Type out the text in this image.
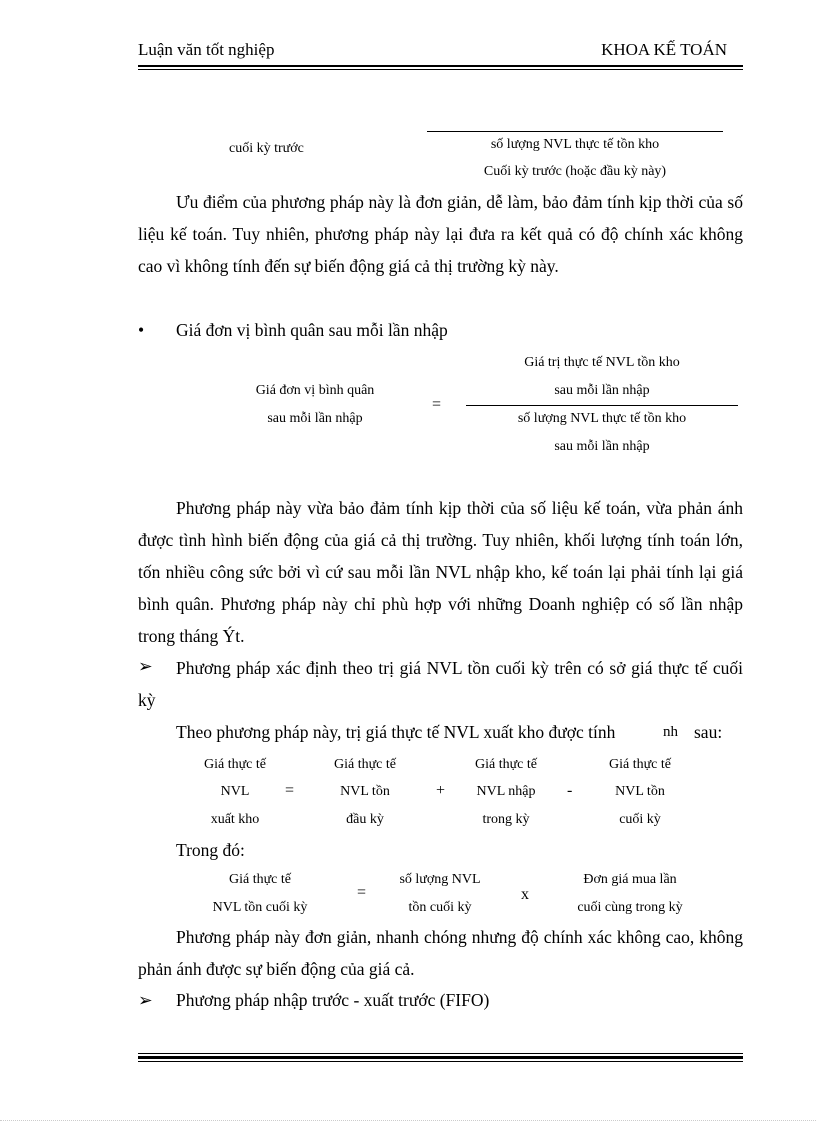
Luận văn tốt nghiệp	KHOA KẾ TOÁN
cuối kỳ trước	số lượng NVL thực tế tồn kho
Cuối kỳ trước (hoặc đầu kỳ này)
Ưu điểm của phương pháp này là đơn giản, dễ làm, bảo đảm tính kịp thời của số liệu kế toán. Tuy nhiên, phương pháp này lại đưa ra kết quả có độ chính xác không cao vì không tính đến sự biến động giá cả thị trường kỳ này.
• Giá đơn vị bình quân sau mỗi lần nhập
Giá đơn vị bình quân
sau mỗi lần nhập
=
Giá trị thực tế NVL tồn kho
sau mỗi lần nhập
số lượng NVL thực tế tồn kho
sau mỗi lần nhập
Phương pháp này vừa bảo đảm tính kịp thời của số liệu kế toán, vừa phản ánh được tình hình biến động của giá cả thị trường. Tuy nhiên, khối lượng tính toán lớn, tốn nhiều công sức bởi vì cứ sau mỗi lần NVL nhập kho, kế toán lại phải tính lại giá bình quân. Phương pháp này chỉ phù hợp với những Doanh nghiệp có số lần nhập trong tháng Ýt.
➢	Phương pháp xác định theo trị giá NVL tồn cuối kỳ trên có sở giá thực tế cuối kỳ
Theo phương pháp này, trị giá thực tế NVL xuất kho được tính	nh sau:
Giá thực tế
NVL
xuất kho
=
Giá thực tế
NVL tồn
đầu kỳ
+
Giá thực tế
NVL nhập
trong kỳ
-
Giá thực tế
NVL tồn
cuối kỳ
Trong đó:
Giá thực tế
NVL tồn cuối kỳ
=
số lượng NVL
tồn cuối kỳ
x
Đơn giá mua lần
cuối cùng trong kỳ
Phương pháp này đơn giản, nhanh chóng nhưng độ chính xác không cao, không phản ánh được sự biến động của giá cả.
➢ Phương pháp nhập trước - xuất trước (FIFO)
